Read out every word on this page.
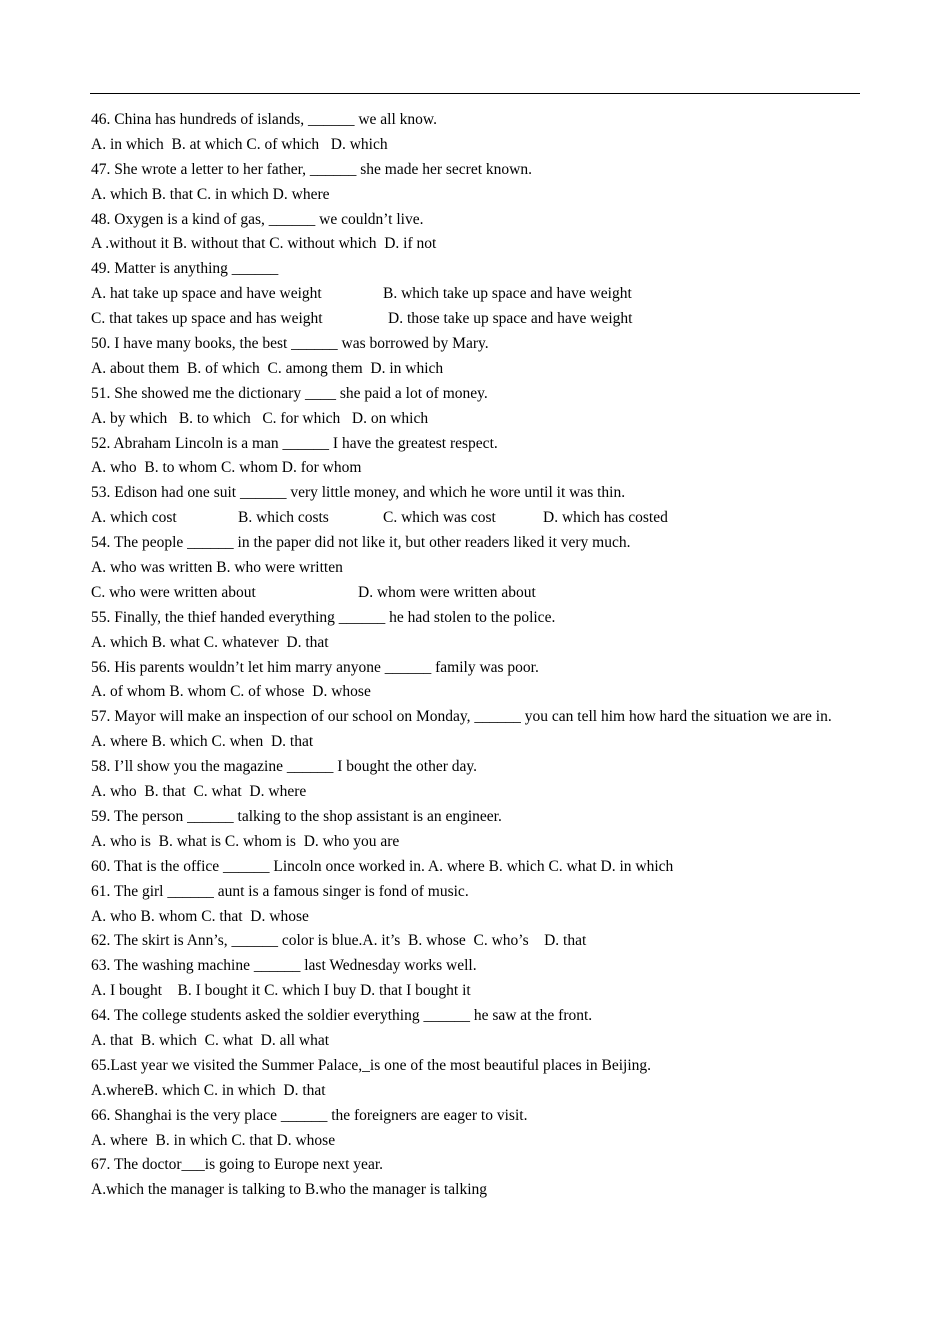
46. China has hundreds of islands, ______ we all know.
A. in which  B. at which C. of which   D. which
47. She wrote a letter to her father, ______ she made her secret known.
A. which B. that C. in which D. where
48. Oxygen is a kind of gas, ______ we couldn’t live.
A .without it B. without that C. without which  D. if not
49. Matter is anything ______
A. hat take up space and have weight	B. which take up space and have weight
C. that takes up space and has weight	D. those take up space and have weight
50. I have many books, the best ______ was borrowed by Mary.
A. about them  B. of which  C. among them  D. in which
51. She showed me the dictionary ____ she paid a lot of money.
A. by which   B. to which   C. for which   D. on which
52. Abraham Lincoln is a man ______ I have the greatest respect.
A. who  B. to whom C. whom D. for whom
53. Edison had one suit ______ very little money, and which he wore until it was thin.
A. which cost	B. which costs	C. which was cost	D. which has costed
54. The people ______ in the paper did not like it, but other readers liked it very much.
A. who was written B. who were written
C. who were written about	D. whom were written about
55. Finally, the thief handed everything ______ he had stolen to the police.
A. which B. what C. whatever  D. that
56. His parents wouldn’t let him marry anyone ______ family was poor.
A. of whom B. whom C. of whose  D. whose
57. Mayor will make an inspection of our school on Monday, ______ you can tell him how hard the situation we are in.
A. where B. which C. when  D. that
58. I’ll show you the magazine ______ I bought the other day.
A. who  B. that  C. what  D. where
59. The person ______ talking to the shop assistant is an engineer.
A. who is  B. what is C. whom is  D. who you are
60. That is the office ______ Lincoln once worked in. A. where B. which C. what D. in which
61. The girl ______ aunt is a famous singer is fond of music.
A. who B. whom C. that  D. whose
62. The skirt is Ann’s, ______ color is blue.A. it’s  B. whose  C. who’s    D. that
63. The washing machine ______ last Wednesday works well.
A. I bought    B. I bought it C. which I buy D. that I bought it
64. The college students asked the soldier everything ______ he saw at the front.
A. that  B. which  C. what  D. all what
65.Last year we visited the Summer Palace,_is one of the most beautiful places in Beijing.
A.whereB. which C. in which  D. that
66. Shanghai is the very place ______ the foreigners are eager to visit.
A. where  B. in which C. that D. whose
67. The doctor___is going to Europe next year.
A.which the manager is talking to B.who the manager is talking
